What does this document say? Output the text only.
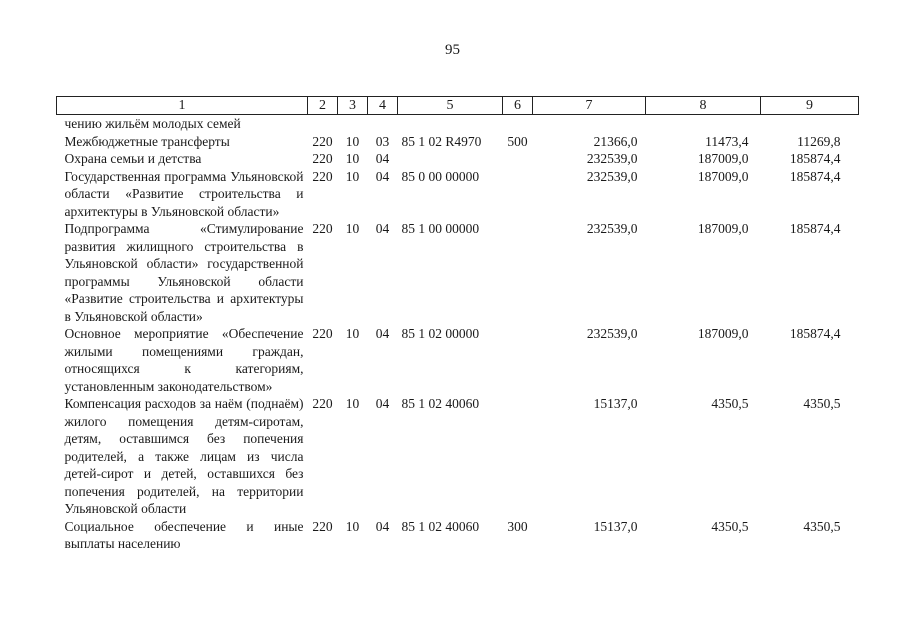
95
1	2	3	4	5	6	7	8	9
чению жильём молодых семей								
Межбюджетные трансферты	220	10	03	85 1 02 R4970	500	21366,0	11473,4	11269,8
Охрана семьи и детства	220	10	04			232539,0	187009,0	185874,4
Государственная программа Ульяновской области «Развитие строительства и архитектуры в Ульяновской области»	220	10	04	85 0 00 00000		232539,0	187009,0	185874,4
Подпрограмма «Стимулирование развития жилищного строительства в Ульяновской области» государственной программы Ульяновской области «Развитие строительства и архитектуры в Ульяновской области»	220	10	04	85 1 00 00000		232539,0	187009,0	185874,4
Основное мероприятие «Обеспечение жилыми помещениями граждан, относящихся к категориям, установленным законодательством»	220	10	04	85 1 02 00000		232539,0	187009,0	185874,4
Компенсация расходов за наём (поднаём) жилого помещения детям-сиротам, детям, оставшимся без попечения родителей, а также лицам из числа детей-сирот и детей, оставшихся без попечения родителей, на территории Ульяновской области	220	10	04	85 1 02 40060		15137,0	4350,5	4350,5
Социальное обеспечение и иные выплаты населению	220	10	04	85 1 02 40060	300	15137,0	4350,5	4350,5
